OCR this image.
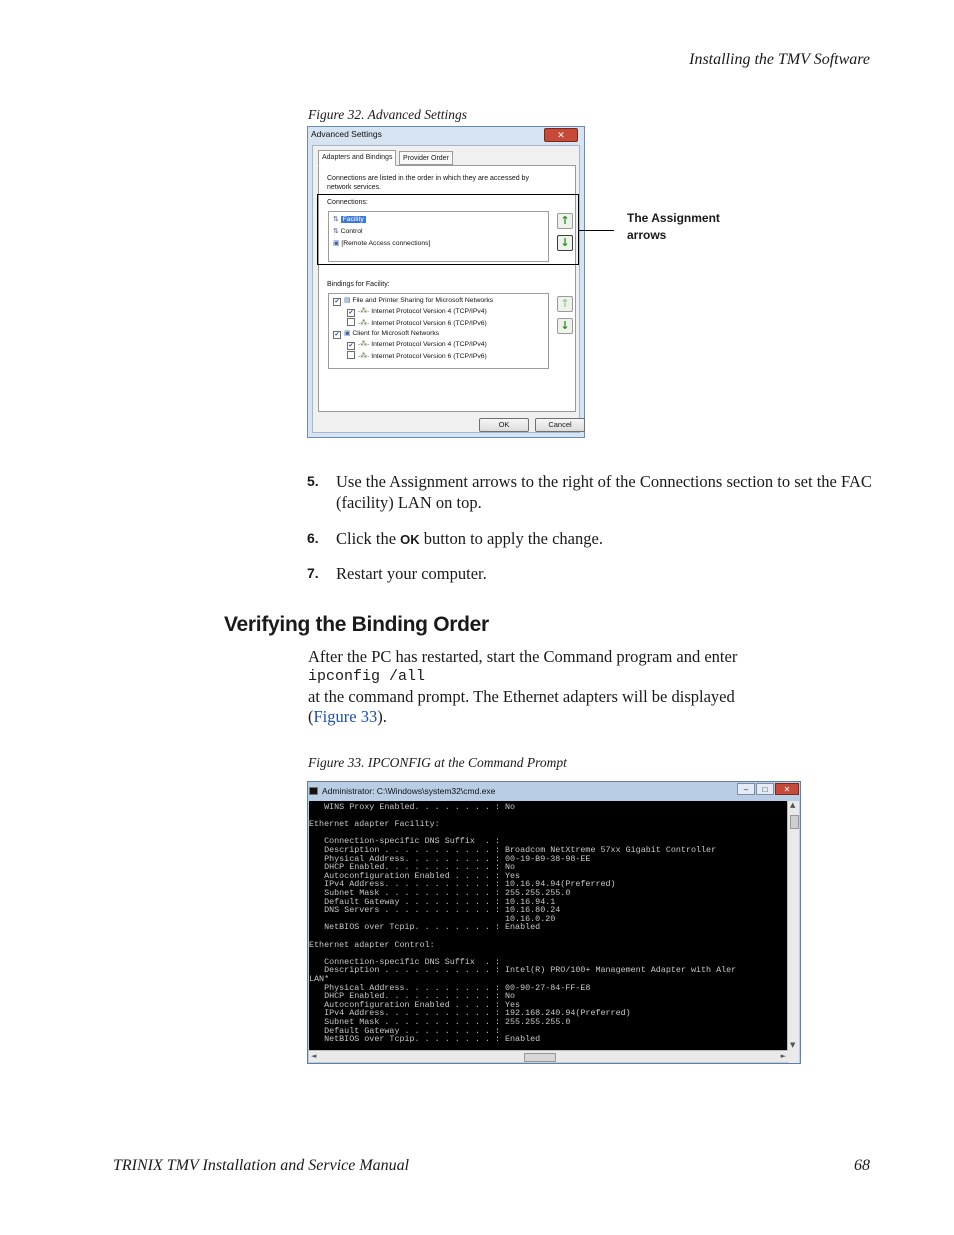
Installing the TMV Software
Figure 32. Advanced Settings
Advanced Settings	✕
Adapters and Bindings	Provider Order
Connections are listed in the order in which they are accessed by network services.
Connections:
⇅ Facility
⇅ Control
▣ [Remote Access connections]
↑
↓
Bindings for Facility:
✔ ▤ File and Printer Sharing for Microsoft Networks
✔ -⁂- Internet Protocol Version 4 (TCP/IPv4)
-⁂- Internet Protocol Version 6 (TCP/IPv6)
✔ ▣ Client for Microsoft Networks
✔ -⁂- Internet Protocol Version 4 (TCP/IPv4)
-⁂- Internet Protocol Version 6 (TCP/IPv6)
↑
↓
OK	Cancel
The Assignment
arrows
5. Use the Assignment arrows to the right of the Connections section to set the FAC (facility) LAN on top.
6. Click the OK button to apply the change.
7. Restart your computer.
Verifying the Binding Order
After the PC has restarted, start the Command program and enter
ipconfig /all
at the command prompt. The Ethernet adapters will be displayed
(Figure 33).
Figure 33. IPCONFIG at the Command Prompt
Administrator: C:\Windows\system32\cmd.exe	‒ □ ✕
WINS Proxy Enabled. . . . . . . . : No
Ethernet adapter Facility:
Connection-specific DNS Suffix  . :
Description . . . . . . . . . . . : Broadcom NetXtreme 57xx Gigabit Controller
Physical Address. . . . . . . . . : 00-19-B9-38-98-EE
DHCP Enabled. . . . . . . . . . . : No
Autoconfiguration Enabled . . . . : Yes
IPv4 Address. . . . . . . . . . . : 10.16.94.94(Preferred)
Subnet Mask . . . . . . . . . . . : 255.255.255.0
Default Gateway . . . . . . . . . : 10.16.94.1
DNS Servers . . . . . . . . . . . : 10.16.80.24
10.16.0.20
NetBIOS over Tcpip. . . . . . . . : Enabled
Ethernet adapter Control:
Connection-specific DNS Suffix  . :
Description . . . . . . . . . . . : Intel(R) PRO/100+ Management Adapter with Aler
LAN*
Physical Address. . . . . . . . . : 00-90-27-84-FF-E8
DHCP Enabled. . . . . . . . . . . : No
Autoconfiguration Enabled . . . . : Yes
IPv4 Address. . . . . . . . . . . : 192.168.240.94(Preferred)
Subnet Mask . . . . . . . . . . . : 255.255.255.0
Default Gateway . . . . . . . . . :
NetBIOS over Tcpip. . . . . . . . : Enabled
▲
▼
◄	►
TRINIX TMV Installation and Service Manual	68
